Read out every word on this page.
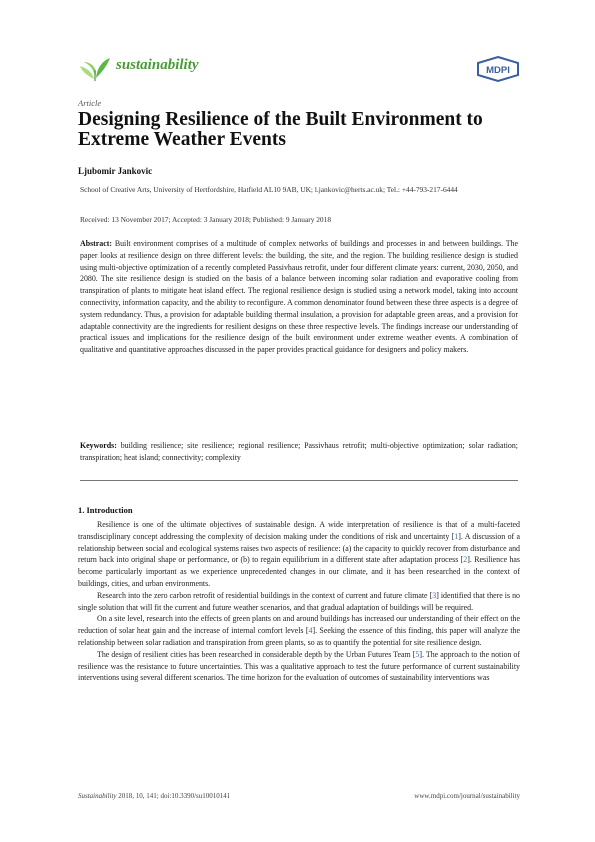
sustainability	MDPI
Article
Designing Resilience of the Built Environment to Extreme Weather Events
Ljubomir Jankovic
School of Creative Arts, University of Hertfordshire, Hatfield AL10 9AB, UK; l.jankovic@herts.ac.uk; Tel.: +44-793-217-6444
Received: 13 November 2017; Accepted: 3 January 2018; Published: 9 January 2018
Abstract: Built environment comprises of a multitude of complex networks of buildings and processes in and between buildings. The paper looks at resilience design on three different levels: the building, the site, and the region. The building resilience design is studied using multi-objective optimization of a recently completed Passivhaus retrofit, under four different climate years: current, 2030, 2050, and 2080. The site resilience design is studied on the basis of a balance between incoming solar radiation and evaporative cooling from transpiration of plants to mitigate heat island effect. The regional resilience design is studied using a network model, taking into account connectivity, information capacity, and the ability to reconfigure. A common denominator found between these three aspects is a degree of system redundancy. Thus, a provision for adaptable building thermal insulation, a provision for adaptable green areas, and a provision for adaptable connectivity are the ingredients for resilient designs on these three respective levels. The findings increase our understanding of practical issues and implications for the resilience design of the built environment under extreme weather events. A combination of qualitative and quantitative approaches discussed in the paper provides practical guidance for designers and policy makers.
Keywords: building resilience; site resilience; regional resilience; Passivhaus retrofit; multi-objective optimization; solar radiation; transpiration; heat island; connectivity; complexity
1. Introduction

Resilience is one of the ultimate objectives of sustainable design. A wide interpretation of resilience is that of a multi-faceted transdisciplinary concept addressing the complexity of decision making under the conditions of risk and uncertainty [1]. A discussion of a relationship between social and ecological systems raises two aspects of resilience: (a) the capacity to quickly recover from disturbance and return back into original shape or performance, or (b) to regain equilibrium in a different state after adaptation process [2]. Resilience has become particularly important as we experience unprecedented changes in our climate, and it has been researched in the context of buildings, cities, and urban environments.

Research into the zero carbon retrofit of residential buildings in the context of current and future climate [3] identified that there is no single solution that will fit the current and future weather scenarios, and that gradual adaptation of buildings will be required.

On a site level, research into the effects of green plants on and around buildings has increased our understanding of their effect on the reduction of solar heat gain and the increase of internal comfort levels [4]. Seeking the essence of this finding, this paper will analyze the relationship between solar radiation and transpiration from green plants, so as to quantify the potential for site resilience design.

The design of resilient cities has been researched in considerable depth by the Urban Futures Team [5]. The approach to the notion of resilience was the resistance to future uncertainties. This was a qualitative approach to test the future performance of current sustainability interventions using several different scenarios. The time horizon for the evaluation of outcomes of sustainability interventions was

Sustainability 2018, 10, 141; doi:10.3390/su10010141	www.mdpi.com/journal/sustainability
